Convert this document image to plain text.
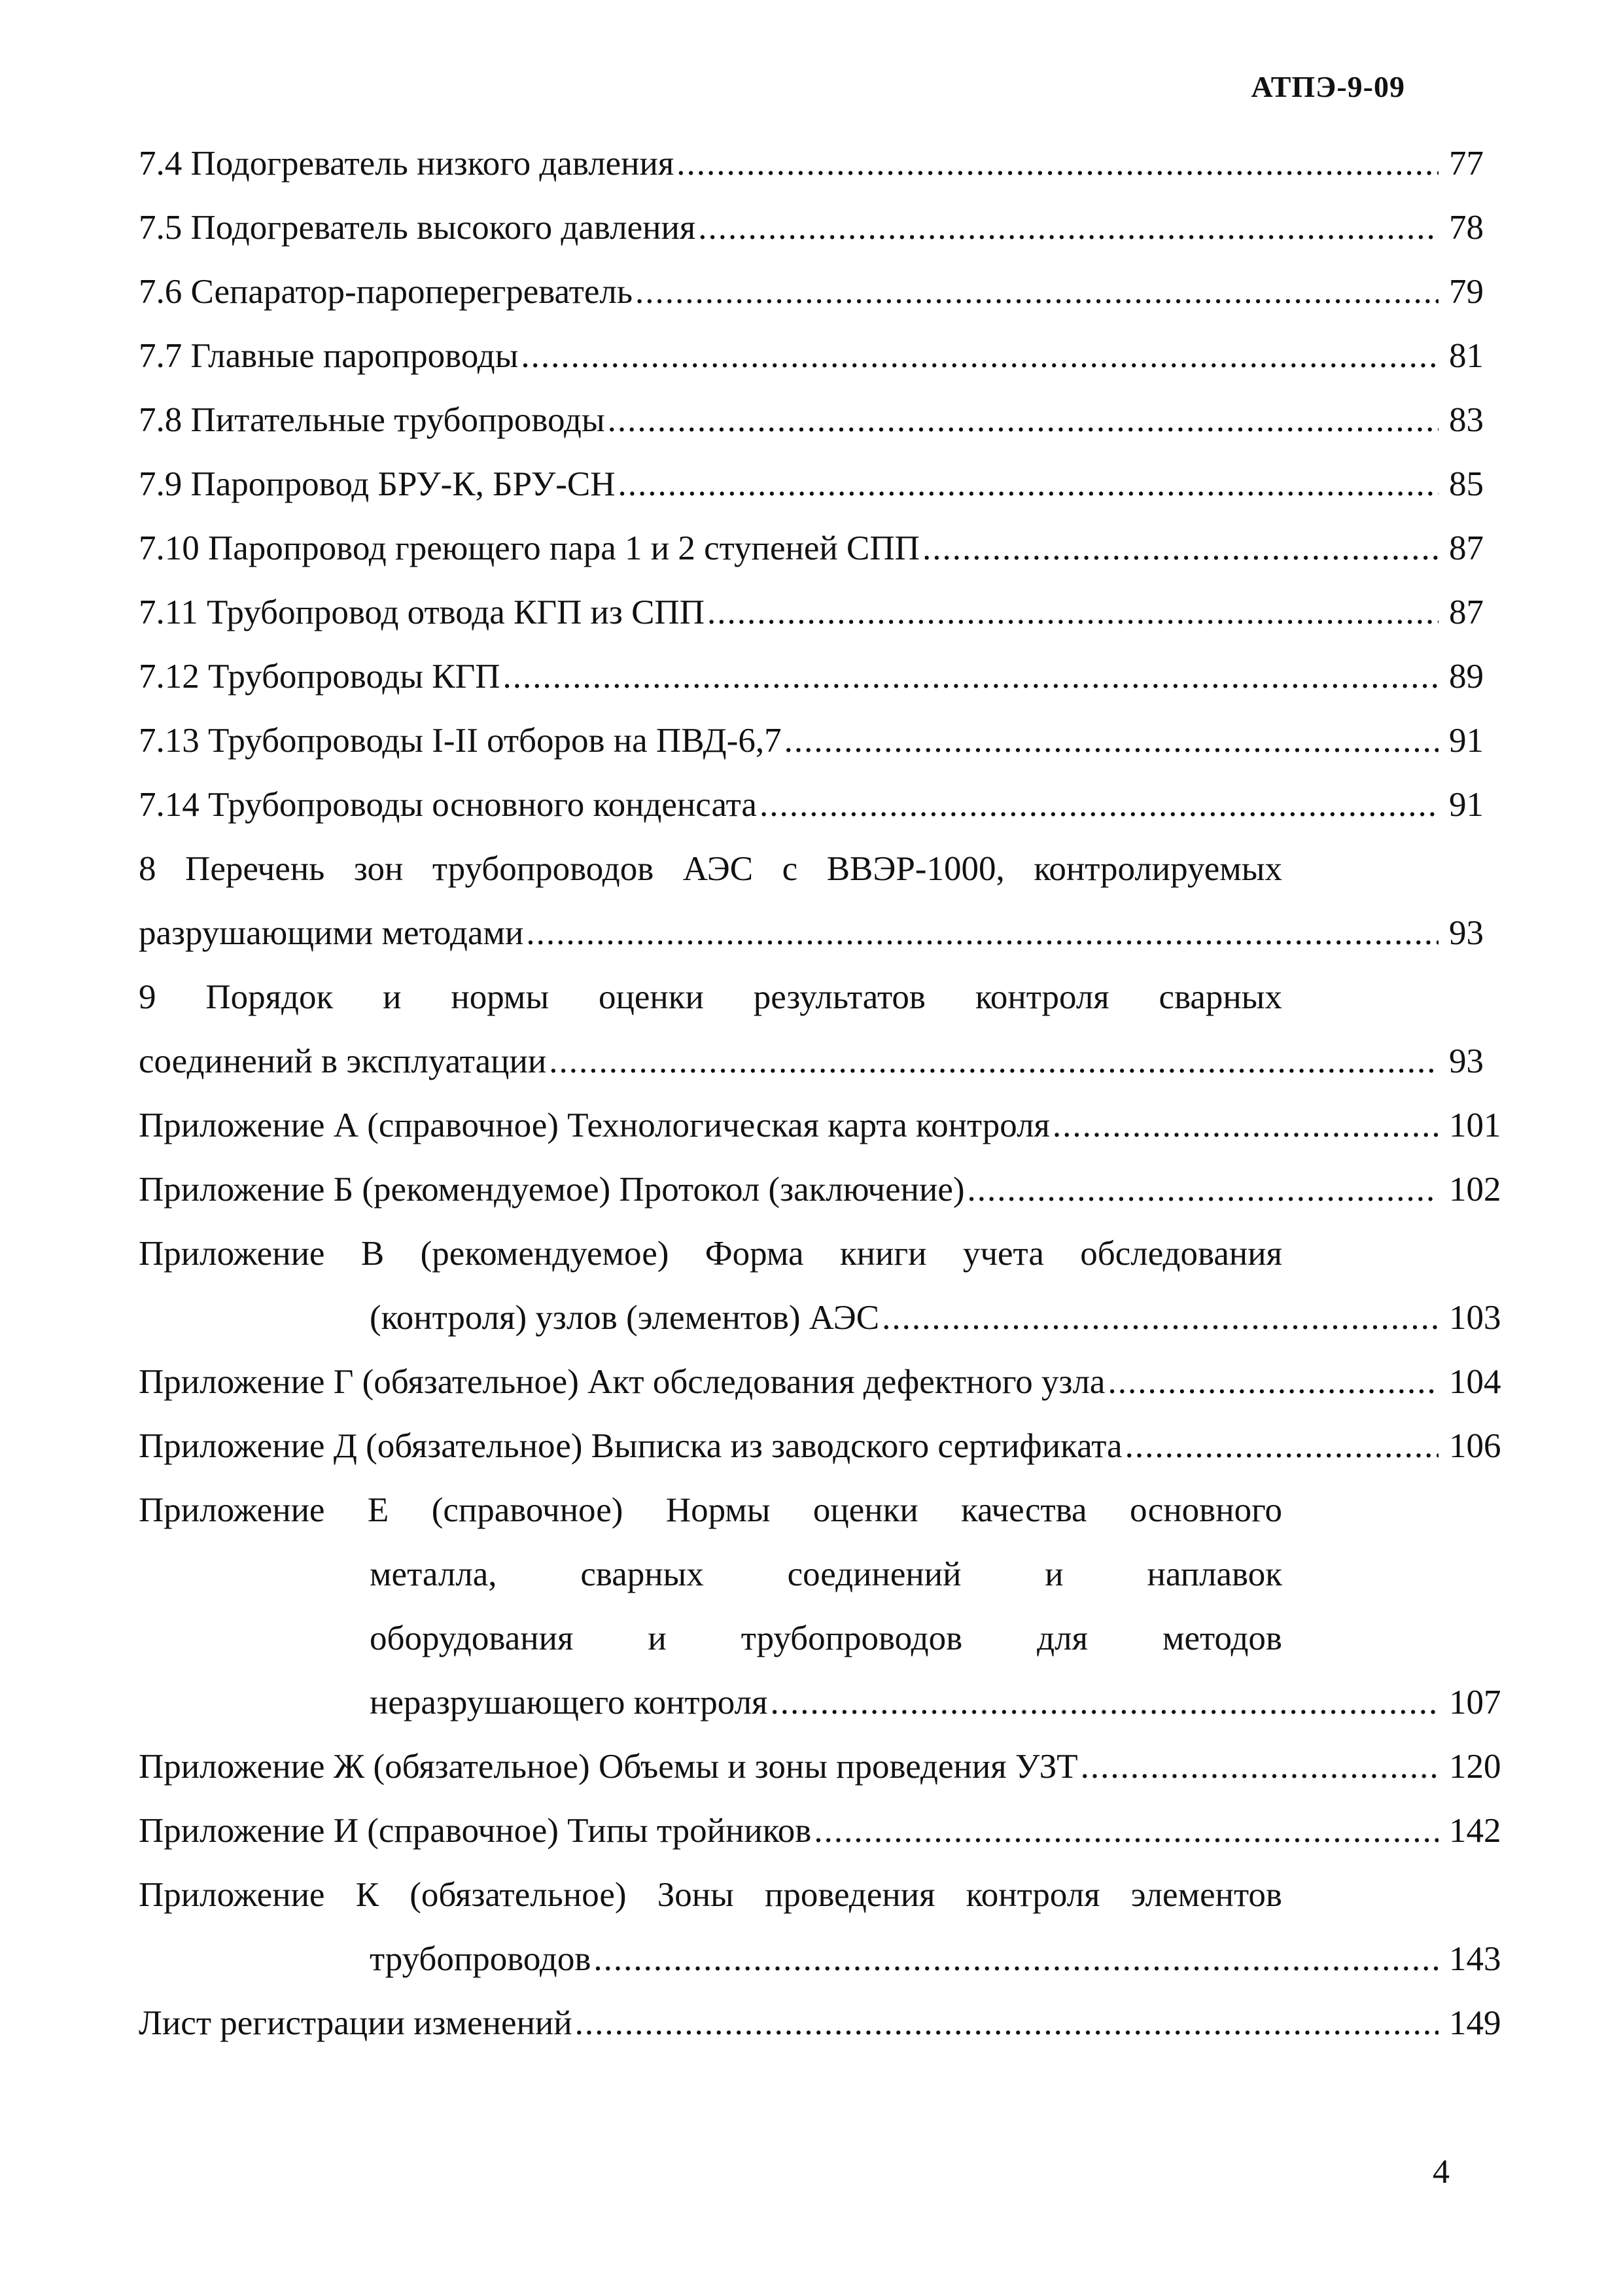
АТПЭ-9-09
7.4 Подогреватель низкого давления .....	77
7.5 Подогреватель высокого давления .....	78
7.6 Сепаратор-пароперегреватель .....	79
7.7 Главные паропроводы .....	81
7.8 Питательные трубопроводы .....	83
7.9 Паропровод БРУ-К, БРУ-СН .....	85
7.10 Паропровод греющего пара 1 и 2 ступеней СПП .....	87
7.11 Трубопровод отвода КГП из СПП .....	87
7.12 Трубопроводы КГП .....	89
7.13 Трубопроводы I-II отборов на ПВД-6,7 .....	91
7.14 Трубопроводы основного конденсата .....	91
8 Перечень зон трубопроводов АЭС с ВВЭР-1000, контролируемых
разрушающими методами .....	93
9 Порядок и нормы оценки результатов контроля сварных
соединений в эксплуатации .....	93
Приложение А (справочное) Технологическая карта контроля .....	101
Приложение Б (рекомендуемое) Протокол (заключение) .....	102
Приложение В (рекомендуемое) Форма книги учета обследования
(контроля) узлов (элементов) АЭС .....	103
Приложение Г (обязательное) Акт обследования дефектного узла .....	104
Приложение Д (обязательное) Выписка из заводского сертификата .....	106
Приложение Е (справочное) Нормы оценки качества основного
металла, сварных соединений и наплавок
оборудования и трубопроводов для методов
неразрушающего контроля .....	107
Приложение Ж (обязательное) Объемы и зоны проведения УЗТ .....	120
Приложение И (справочное) Типы тройников .....	142
Приложение К (обязательное) Зоны проведения контроля элементов
трубопроводов .....	143
Лист регистрации изменений .....	149
4
